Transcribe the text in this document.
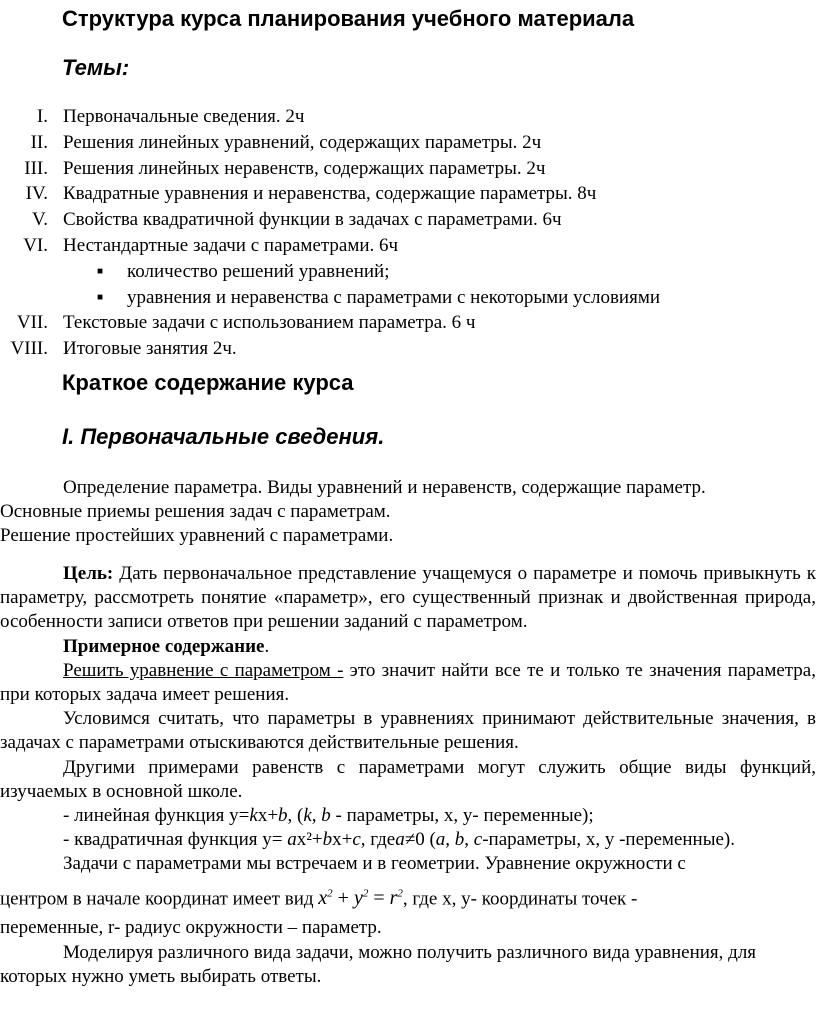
Структура курса планирования учебного материала
Темы:
I. Первоначальные сведения. 2ч
II. Решения линейных уравнений, содержащих параметры. 2ч
III. Решения линейных неравенств, содержащих параметры. 2ч
IV. Квадратные уравнения и неравенства, содержащие параметры. 8ч
V. Свойства квадратичной функции в задачах с параметрами. 6ч
VI. Нестандартные задачи с параметрами. 6ч
■ количество решений уравнений;
■ уравнения и неравенства с параметрами с некоторыми условиями
VII. Текстовые задачи с использованием параметра. 6 ч
VIII. Итоговые занятия 2ч.
Краткое содержание курса
I. Первоначальные сведения.
Определение параметра. Виды уравнений и неравенств, содержащие параметр.
Основные приемы решения задач с параметрам.
Решение простейших уравнений с параметрами.
Цель: Дать первоначальное представление учащемуся о параметре и помочь привыкнуть к параметру, рассмотреть понятие «параметр», его существенный признак и двойственная природа, особенности записи ответов при решении заданий с параметром.
Примерное содержание.
Решить уравнение с параметром - это значит найти все те и только те значения параметра, при которых задача имеет решения.
Условимся считать, что параметры в уравнениях принимают действительные значения, в задачах с параметрами отыскиваются действительные решения.
Другими примерами равенств с параметрами могут служить общие виды функций, изучаемых в основной школе.
- линейная функция y=kx+b, (k, b - параметры, x, y- переменные);
- квадратичная функция y= ax²+bx+c, гдеa≠0 (a, b, c-параметры, x, y -переменные).
Задачи с параметрами мы встречаем и в геометрии. Уравнение окружности с
центром в начале координат имеет вид $x^2 + y^2 = r^2$, где x, y- координаты точек -
переменные, r- радиус окружности – параметр.
Моделируя различного вида задачи, можно получить различного вида уравнения, для которых нужно уметь выбирать ответы.
